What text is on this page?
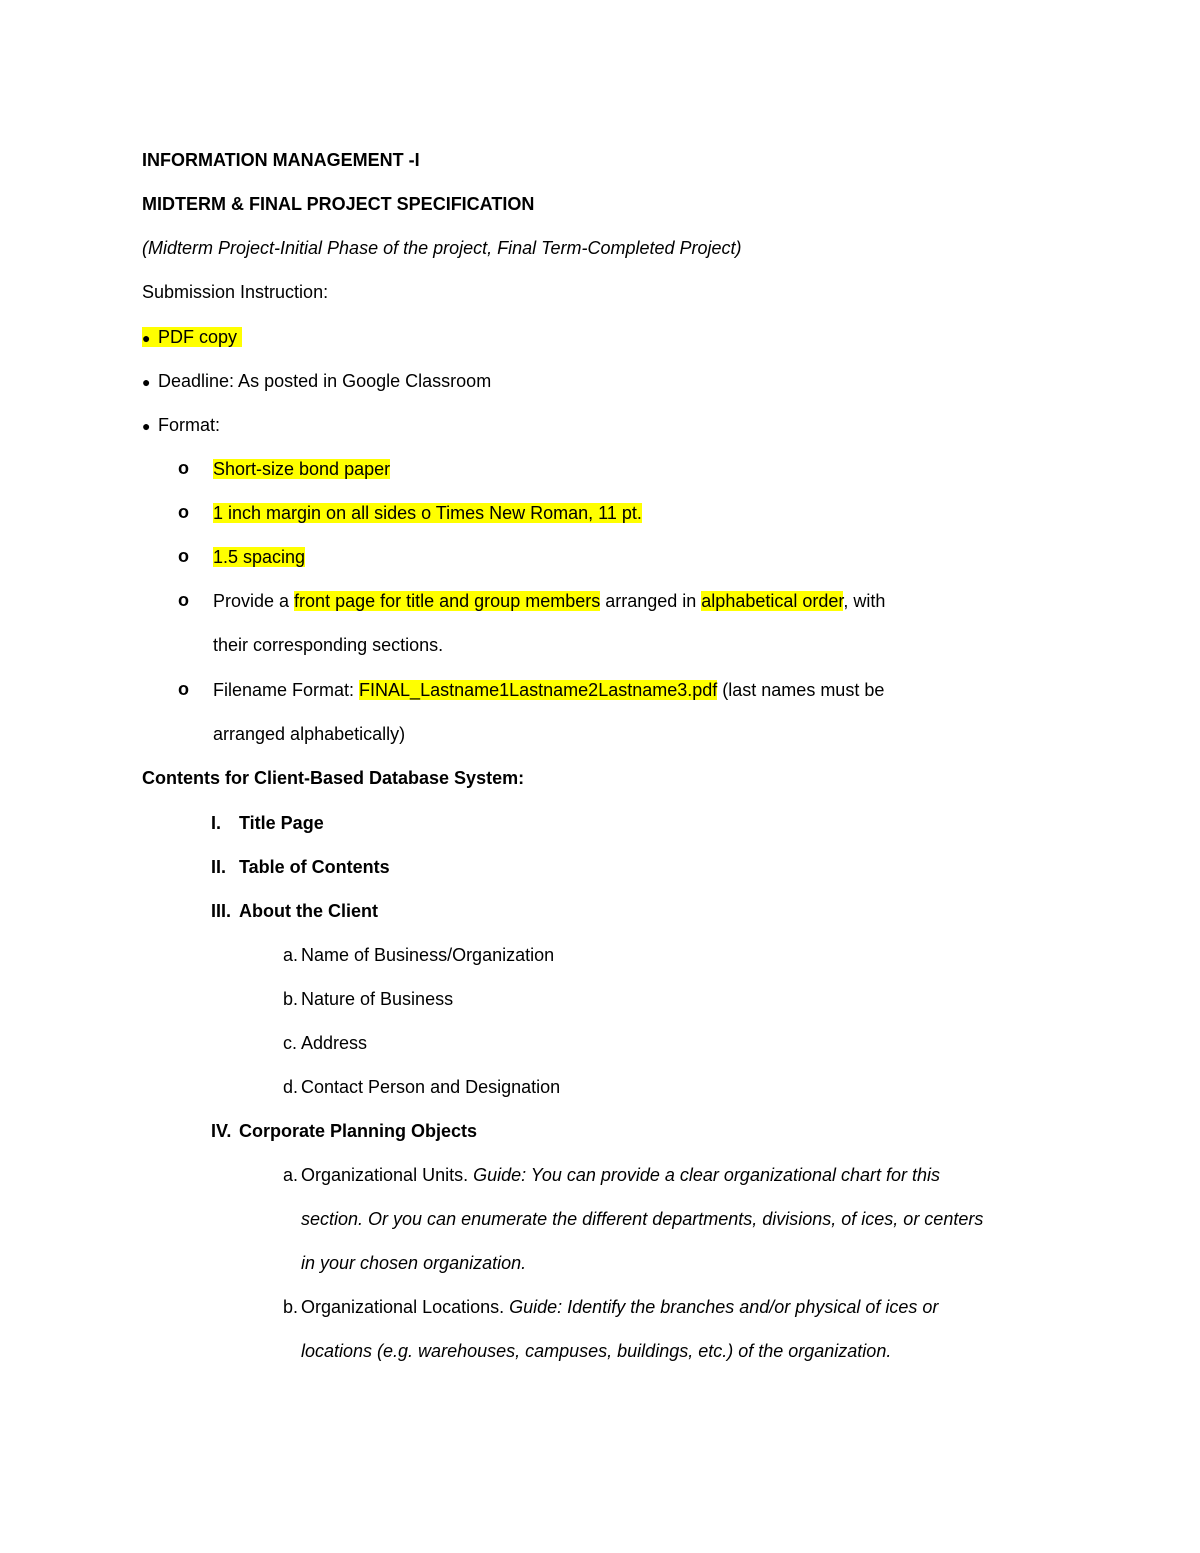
INFORMATION MANAGEMENT -I
MIDTERM & FINAL PROJECT SPECIFICATION
(Midterm Project-Initial Phase of the project, Final Term-Completed Project)
Submission Instruction:
● PDF copy
● Deadline: As posted in Google Classroom
● Format:
o Short-size bond paper
o 1 inch margin on all sides o Times New Roman, 11 pt.
o 1.5 spacing
o Provide a front page for title and group members arranged in alphabetical order, with
their corresponding sections.
o Filename Format: FINAL_Lastname1Lastname2Lastname3.pdf (last names must be
arranged alphabetically)
Contents for Client-Based Database System:
I. Title Page
II. Table of Contents
III. About the Client
a. Name of Business/Organization
b. Nature of Business
c. Address
d. Contact Person and Designation
IV. Corporate Planning Objects
a. Organizational Units. Guide: You can provide a clear organizational chart for this
section. Or you can enumerate the different departments, divisions, of ices, or centers
in your chosen organization.
b. Organizational Locations. Guide: Identify the branches and/or physical of ices or
locations (e.g. warehouses, campuses, buildings, etc.) of the organization.
